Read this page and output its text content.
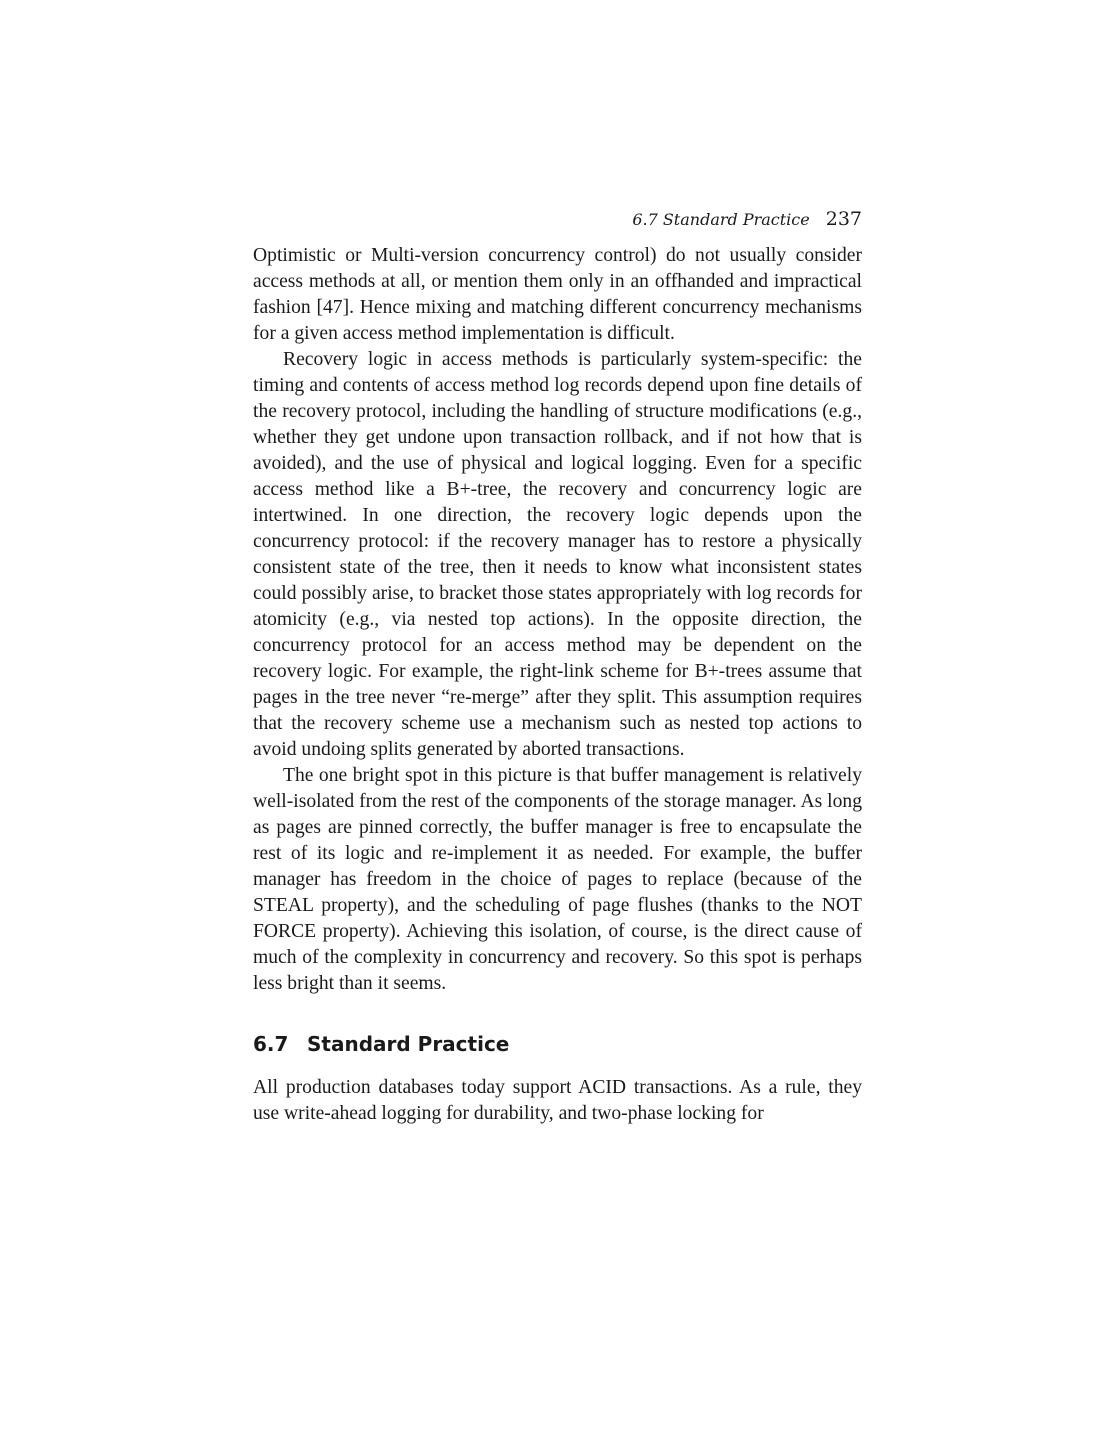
6.7 Standard Practice 237

Optimistic or Multi-version concurrency control) do not usually consider access methods at all, or mention them only in an offhanded and impractical fashion [47]. Hence mixing and matching different concurrency mechanisms for a given access method implementation is difficult.

Recovery logic in access methods is particularly system-specific: the timing and contents of access method log records depend upon fine details of the recovery protocol, including the handling of structure modifications (e.g., whether they get undone upon transaction rollback, and if not how that is avoided), and the use of physical and logical logging. Even for a specific access method like a B+-tree, the recovery and concurrency logic are intertwined. In one direction, the recovery logic depends upon the concurrency protocol: if the recovery manager has to restore a physically consistent state of the tree, then it needs to know what inconsistent states could possibly arise, to bracket those states appropriately with log records for atomicity (e.g., via nested top actions). In the opposite direction, the concurrency protocol for an access method may be dependent on the recovery logic. For example, the right-link scheme for B+-trees assume that pages in the tree never “re-merge” after they split. This assumption requires that the recovery scheme use a mechanism such as nested top actions to avoid undoing splits generated by aborted transactions.

The one bright spot in this picture is that buffer management is relatively well-isolated from the rest of the components of the storage manager. As long as pages are pinned correctly, the buffer manager is free to encapsulate the rest of its logic and re-implement it as needed. For example, the buffer manager has freedom in the choice of pages to replace (because of the STEAL property), and the scheduling of page flushes (thanks to the NOT FORCE property). Achieving this isolation, of course, is the direct cause of much of the complexity in concurrency and recovery. So this spot is perhaps less bright than it seems.

6.7 Standard Practice

All production databases today support ACID transactions. As a rule, they use write-ahead logging for durability, and two-phase locking for
